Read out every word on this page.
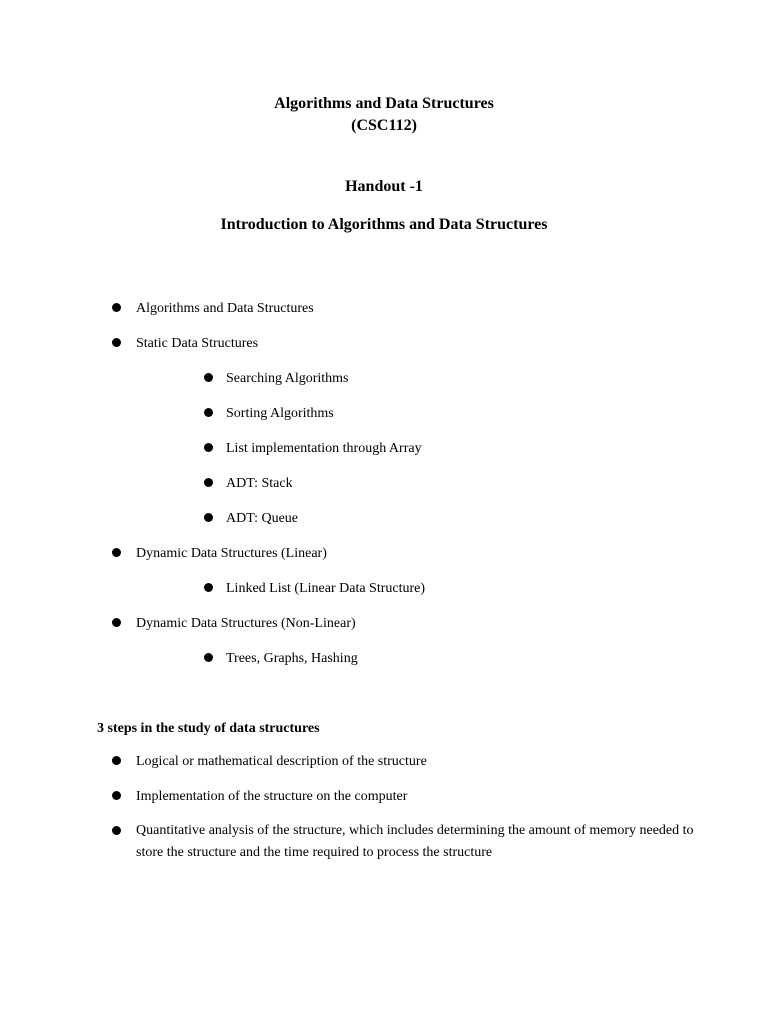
Algorithms and Data Structures
(CSC112)
Handout -1
Introduction to Algorithms and Data Structures
Algorithms and Data Structures
Static Data Structures
Searching Algorithms
Sorting Algorithms
List implementation through Array
ADT: Stack
ADT: Queue
Dynamic Data Structures (Linear)
Linked List (Linear Data Structure)
Dynamic Data Structures (Non-Linear)
Trees, Graphs, Hashing
3 steps in the study of data structures
Logical or mathematical description of the structure
Implementation of the structure on the computer
Quantitative analysis of the structure, which includes determining the amount of memory needed to store the structure and the time required to process the structure
